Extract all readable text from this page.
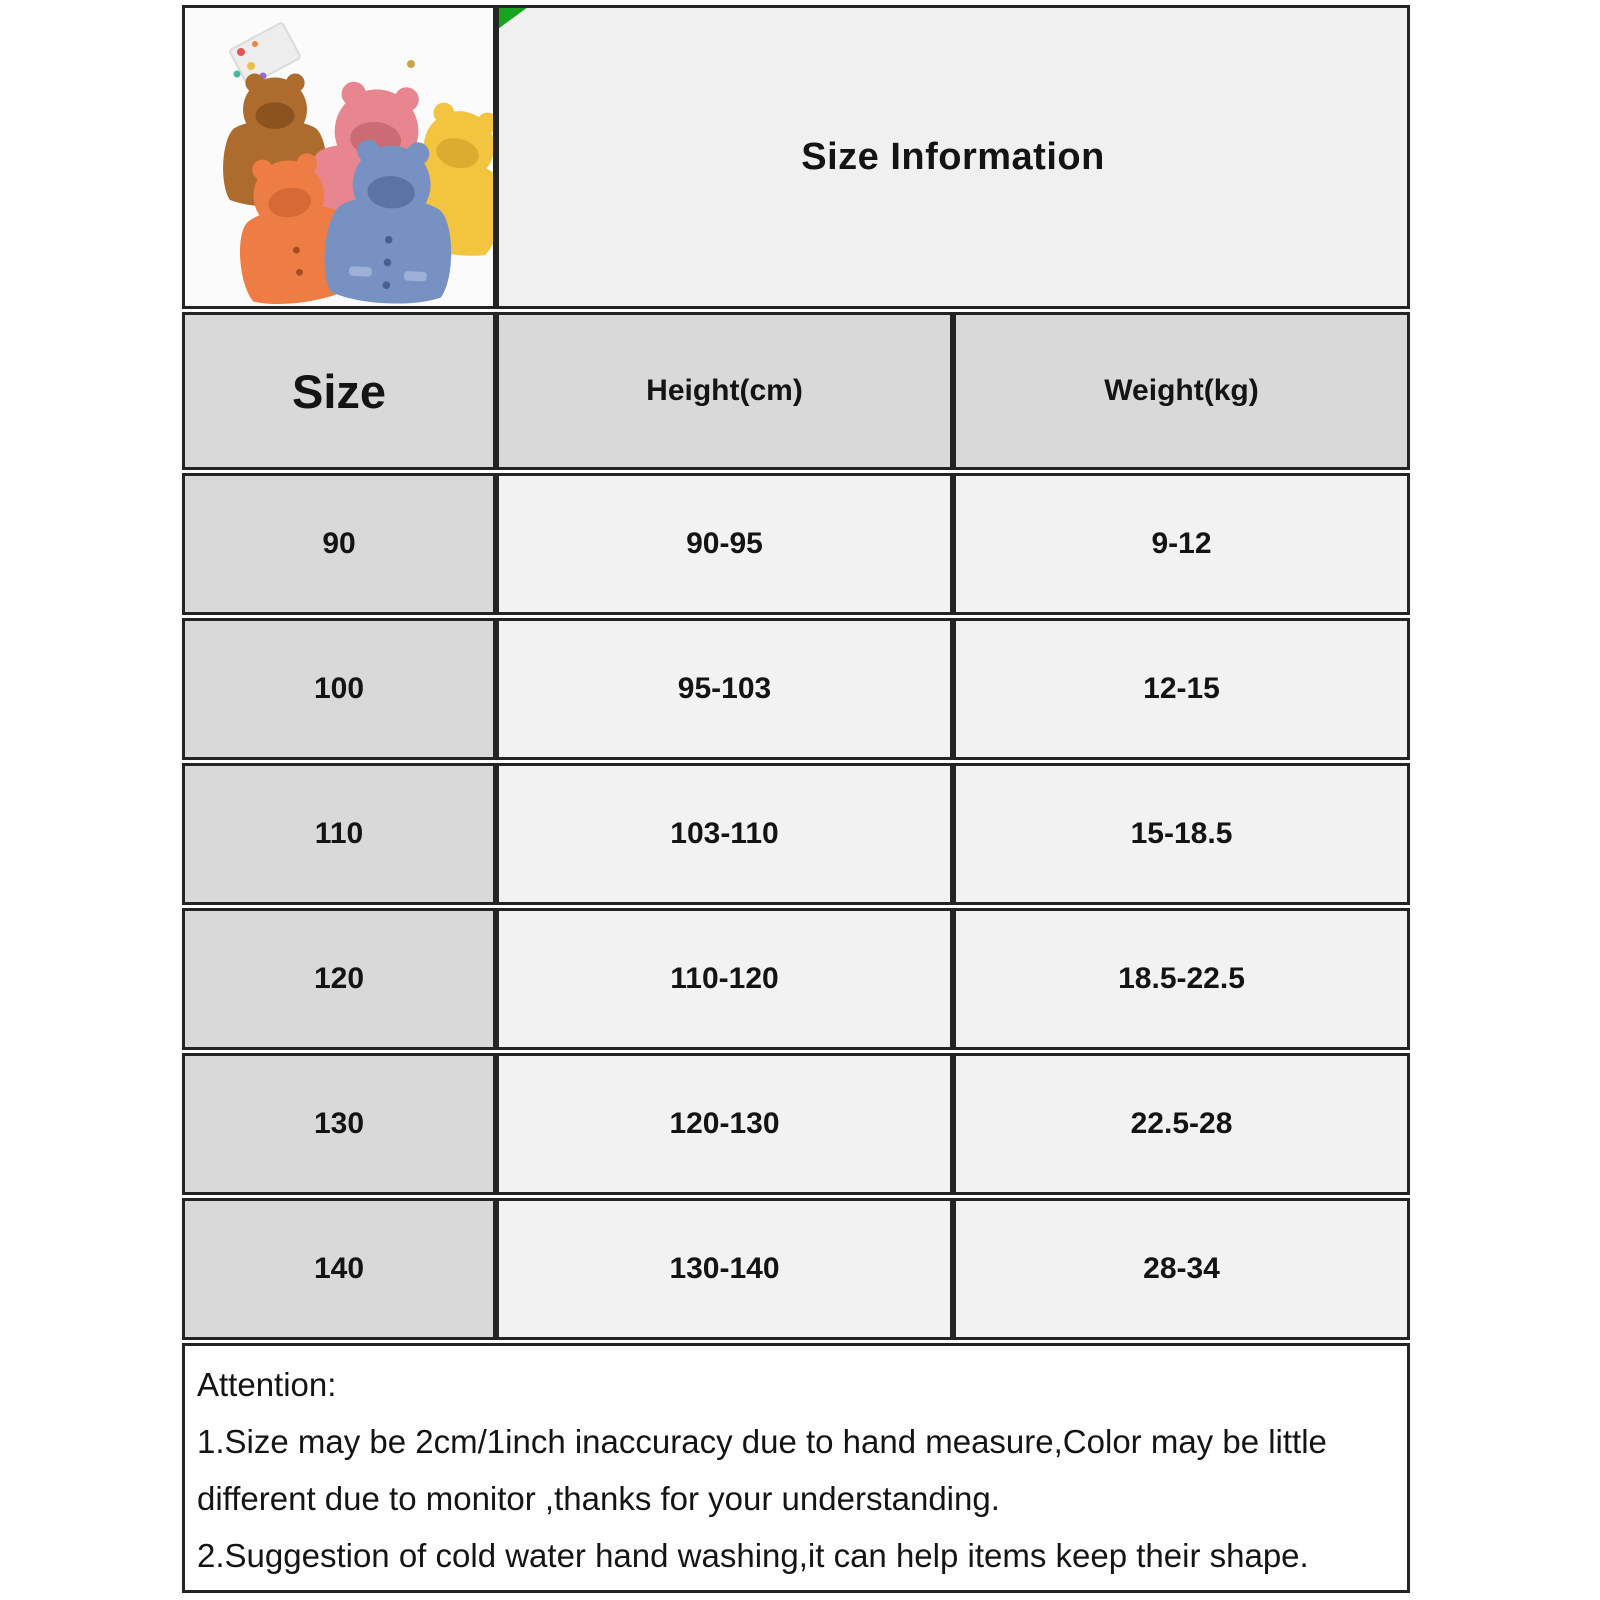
Size Information	
Size	Height(cm)	Weight(kg)
90	90-95	9-12
100	95-103	12-15
110	103-110	15-18.5
120	110-120	18.5-22.5
130	120-130	22.5-28
140	130-140	28-34

Attention:
1.Size may be 2cm/1inch inaccuracy due to hand measure,Color may be little different due to monitor ,thanks for your understanding.
2.Suggestion of cold water hand washing,it can help items keep their shape.		
